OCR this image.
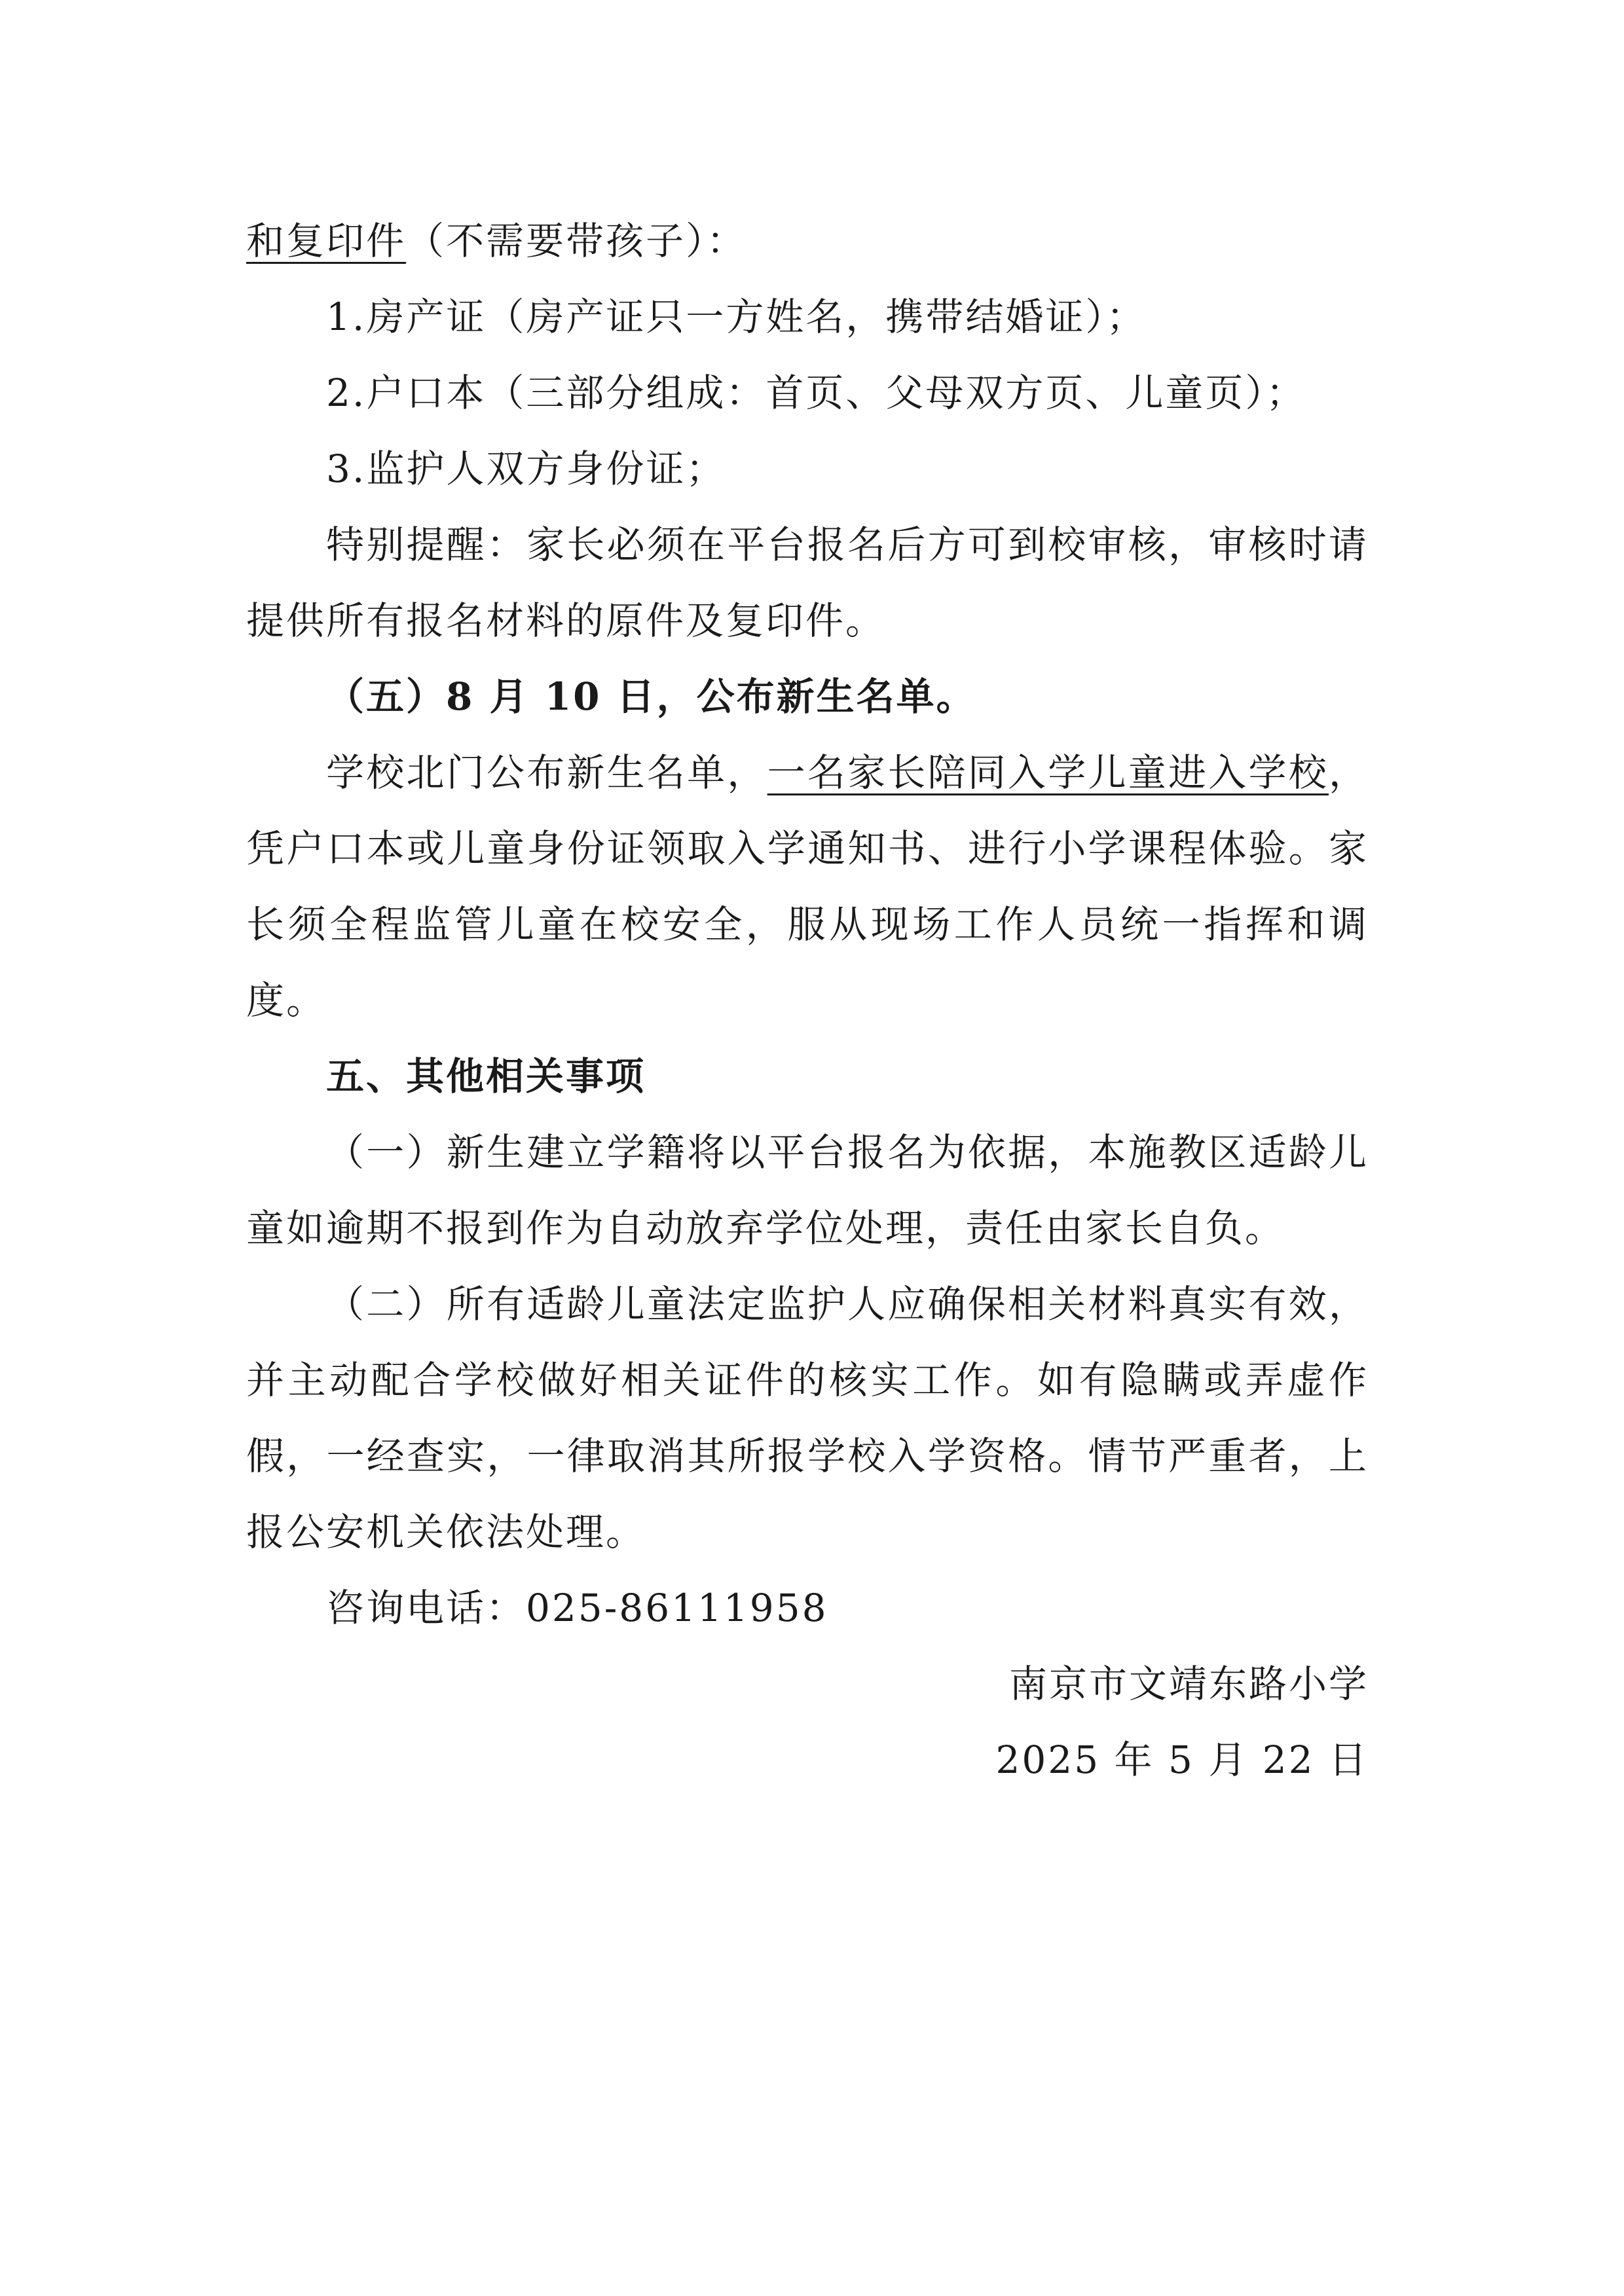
和复印件（不需要带孩子）：

1.房产证（房产证只一方姓名，携带结婚证）；

2.户口本（三部分组成：首页、父母双方页、儿童页）；

3.监护人双方身份证；

特别提醒：家长必须在平台报名后方可到校审核，审核时请提供所有报名材料的原件及复印件。

（五）8 月 10 日，公布新生名单。

学校北门公布新生名单，一名家长陪同入学儿童进入学校，凭户口本或儿童身份证领取入学通知书、进行小学课程体验。家长须全程监管儿童在校安全，服从现场工作人员统一指挥和调度。

五、其他相关事项

（一）新生建立学籍将以平台报名为依据，本施教区适龄儿童如逾期不报到作为自动放弃学位处理，责任由家长自负。

（二）所有适龄儿童法定监护人应确保相关材料真实有效，并主动配合学校做好相关证件的核实工作。如有隐瞒或弄虚作假，一经查实，一律取消其所报学校入学资格。情节严重者，上报公安机关依法处理。

咨询电话：025-86111958

南京市文靖东路小学

2025 年 5 月 22 日
